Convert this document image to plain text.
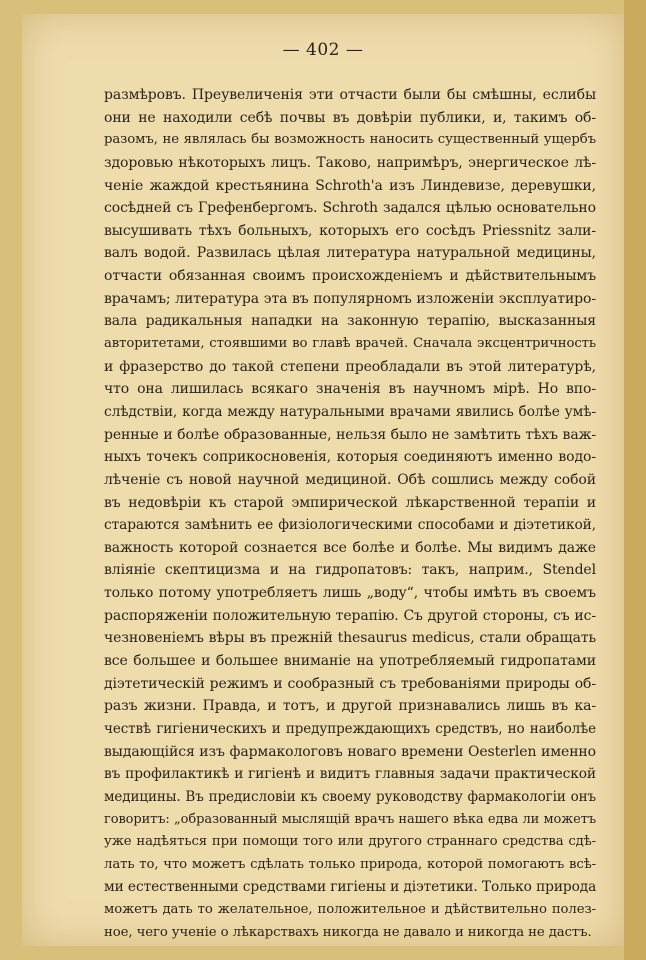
— 402 —
размѣровъ. Преувеличенія эти отчасти были бы смѣшны, еслибы
они не находили себѣ почвы въ довѣріи публики, и, такимъ об-
разомъ, не являлась бы возможность наносить существенный ущербъ
здоровью нѣкоторыхъ лицъ. Таково, напримѣръ, энергическое лѣ-
ченіе жаждой крестьянина Schroth'а изъ Линдевизе, деревушки,
сосѣдней съ Грефенбергомъ. Schroth задался цѣлью основательно
высушивать тѣхъ больныхъ, которыхъ его сосѣдъ Priessnitz зали-
валъ водой. Развилась цѣлая литература натуральной медицины,
отчасти обязанная своимъ происхожденіемъ и дѣйствительнымъ
врачамъ; литература эта въ популярномъ изложеніи эксплуатиро-
вала радикальныя нападки на законную терапію, высказанныя
авторитетами, стоявшими во главѣ врачей. Сначала эксцентричность
и фразерство до такой степени преобладали въ этой литературѣ,
что она лишилась всякаго значенія въ научномъ мірѣ. Но впо-
слѣдствіи, когда между натуральными врачами явились болѣе умѣ-
ренные и болѣе образованные, нельзя было не замѣтить тѣхъ важ-
ныхъ точекъ соприкосновенія, которыя соединяютъ именно водо-
лѣченіе съ новой научной медициной. Обѣ сошлись между собой
въ недовѣріи къ старой эмпирической лѣкарственной терапіи и
стараются замѣнить ее физіологическими способами и діэтетикой,
важность которой сознается все болѣе и болѣе. Мы видимъ даже
вліяніе скептицизма и на гидропатовъ: такъ, наприм., Stendel
только потому употребляетъ лишь „воду“, чтобы имѣть въ своемъ
распоряженіи положительную терапію. Съ другой стороны, съ ис-
чезновеніемъ вѣры въ прежній thesaurus medicus, стали обращать
все большее и большее вниманіе на употребляемый гидропатами
діэтетическій режимъ и сообразный съ требованіями природы об-
разъ жизни. Правда, и тотъ, и другой признавались лишь въ ка-
чествѣ гигіеническихъ и предупреждающихъ средствъ, но наиболѣе
выдающійся изъ фармакологовъ новаго времени Oesterlen именно
въ профилактикѣ и гигіенѣ и видитъ главныя задачи практической
медицины. Въ предисловіи къ своему руководству фармакологіи онъ
говоритъ: „образованный мыслящій врачъ нашего вѣка едва ли можетъ
уже надѣяться при помощи того или другого страннаго средства сдѣ-
лать то, что можетъ сдѣлать только природа, которой помогаютъ всѣ-
ми естественными средствами гигіены и діэтетики. Только природа
можетъ дать то желательное, положительное и дѣйствительно полез-
ное, чего ученіе о лѣкарствахъ никогда не давало и никогда не дастъ.
